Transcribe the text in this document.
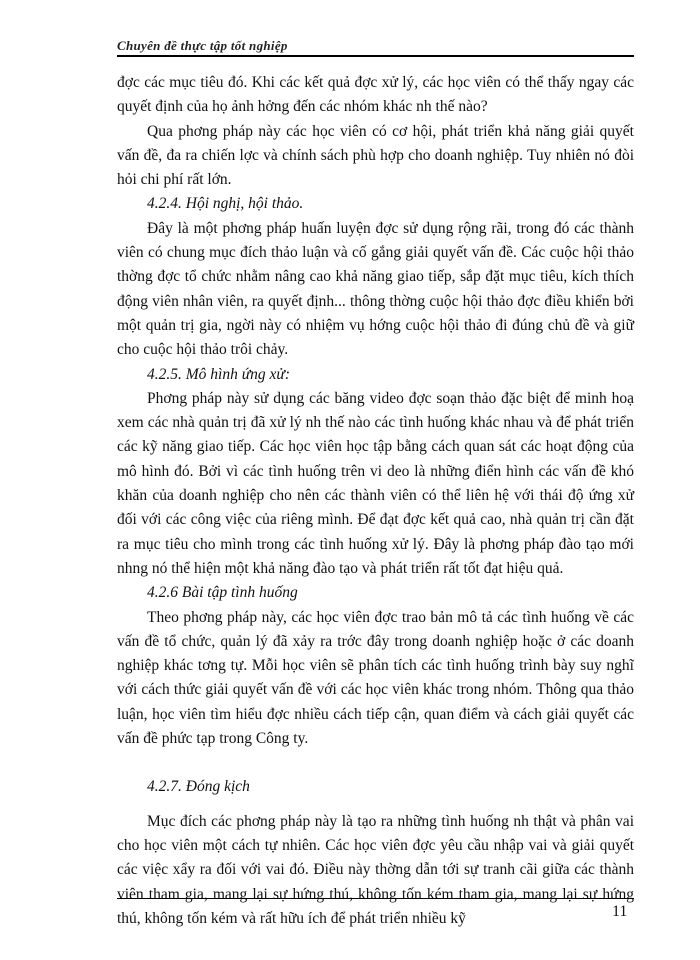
Chuyên đề thực tập tốt nghiệp

đợc các mục tiêu đó. Khi các kết quả đợc xử lý, các học viên có thể thấy ngay các quyết định của họ ảnh hởng đến các nhóm khác nh thế nào?

Qua phơng pháp này các học viên có cơ hội, phát triển khả năng giải quyết vấn đề, đa ra chiến lợc và chính sách phù hợp cho doanh nghiệp. Tuy nhiên nó đòi hỏi chi phí rất lớn.

4.2.4. Hội nghị, hội thảo.

Đây là một phơng pháp huấn luyện đợc sử dụng rộng rãi, trong đó các thành viên có chung mục đích thảo luận và cố gắng giải quyết vấn đề. Các cuộc hội thảo thờng đợc tổ chức nhằm nâng cao khả năng giao tiếp, sắp đặt mục tiêu, kích thích động viên nhân viên, ra quyết định... thông thờng cuộc hội thảo đợc điều khiển bởi một quản trị gia, ngời này có nhiệm vụ hớng cuộc hội thảo đi đúng chủ đề và giữ cho cuộc hội thảo trôi chảy.

4.2.5. Mô hình ứng xử:

Phơng pháp này sử dụng các băng video đợc soạn thảo đặc biệt để minh hoạ xem các nhà quản trị đã xử lý nh thế nào các tình huống khác nhau và để phát triển các kỹ năng giao tiếp. Các học viên học tập bằng cách quan sát các hoạt động của mô hình đó. Bởi vì các tình huống trên vi deo là những điển hình các vấn đề khó khăn của doanh nghiệp cho nên các thành viên có thể liên hệ với thái độ ứng xử đối với các công việc của riêng mình. Để đạt đợc kết quả cao, nhà quản trị cần đặt ra mục tiêu cho mình trong các tình huống xử lý. Đây là phơng pháp đào tạo mới nhng nó thể hiện một khả năng đào tạo và phát triển rất tốt đạt hiệu quả.

4.2.6 Bài tập tình huống

Theo phơng pháp này, các học viên đợc trao bản mô tả các tình huống về các vấn đề tổ chức, quản lý đã xảy ra trớc đây trong doanh nghiệp hoặc ở các doanh nghiệp khác tơng tự. Mỗi học viên sẽ phân tích các tình huống trình bày suy nghĩ với cách thức giải quyết vấn đề với các học viên khác trong nhóm. Thông qua thảo luận, học viên tìm hiểu đợc nhiều cách tiếp cận, quan điểm và cách giải quyết các vấn đề phức tạp trong Công ty.

4.2.7. Đóng kịch

Mục đích các phơng pháp này là tạo ra những tình huống nh thật và phân vai cho học viên một cách tự nhiên. Các học viên đợc yêu cầu nhập vai và giải quyết các việc xẩy ra đối với vai đó. Điều này thờng dẫn tới sự tranh cãi giữa các thành viên tham gia, mang lại sự hứng thú, không tốn kém tham gia, mang lại sự hứng thú, không tốn kém và rất hữu ích để phát triển nhiều kỹ	11
